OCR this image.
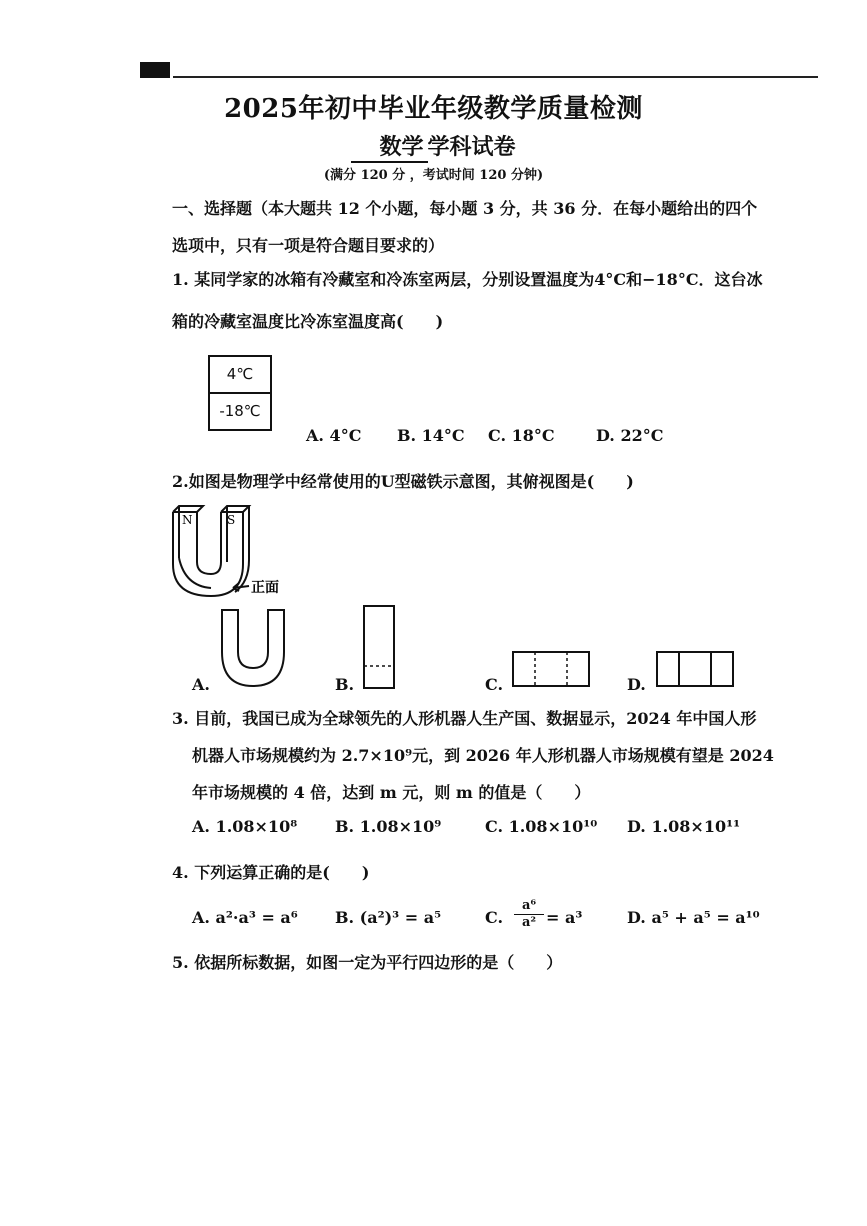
2025年初中毕业年级教学质量检测
数学 学科试卷
(满分 120 分 ，考试时间 120 分钟)
一、选择题（本大题共 12 个小题，每小题 3 分，共 36 分．在每小题给出的四个
选项中，只有一项是符合题目要求的）
1. 某同学家的冰箱有冷藏室和冷冻室两层，分别设置温度为4°C和−18°C．这台冰
箱的冷藏室温度比冷冻室温度高(　　)
4℃
-18℃
A. 4°C B. 14°C C. 18°C	D. 22°C
2.如图是物理学中经常使用的U型磁铁示意图，其俯视图是(　　)
N	S
正面
A.	B.	C.	D.
3. 目前，我国已成为全球领先的人形机器人生产国、数据显示，2024 年中国人形
机器人市场规模约为 2.7×10⁹元，到 2026 年人形机器人市场规模有望是 2024
年市场规模的 4 倍，达到 m 元，则 m 的值是（　　）
A. 1.08×10⁸ B. 1.08×10⁹	C. 1.08×10¹⁰ D. 1.08×10¹¹
4. 下列运算正确的是(　　)
A. a²·a³ = a⁶ B. (a²)³ = a⁵	C. $\frac{\text{a⁶}}{\text{a²}} = a^3$	D. a⁵ + a⁵ = a¹⁰
5. 依据所标数据，如图一定为平行四边形的是（　　）
